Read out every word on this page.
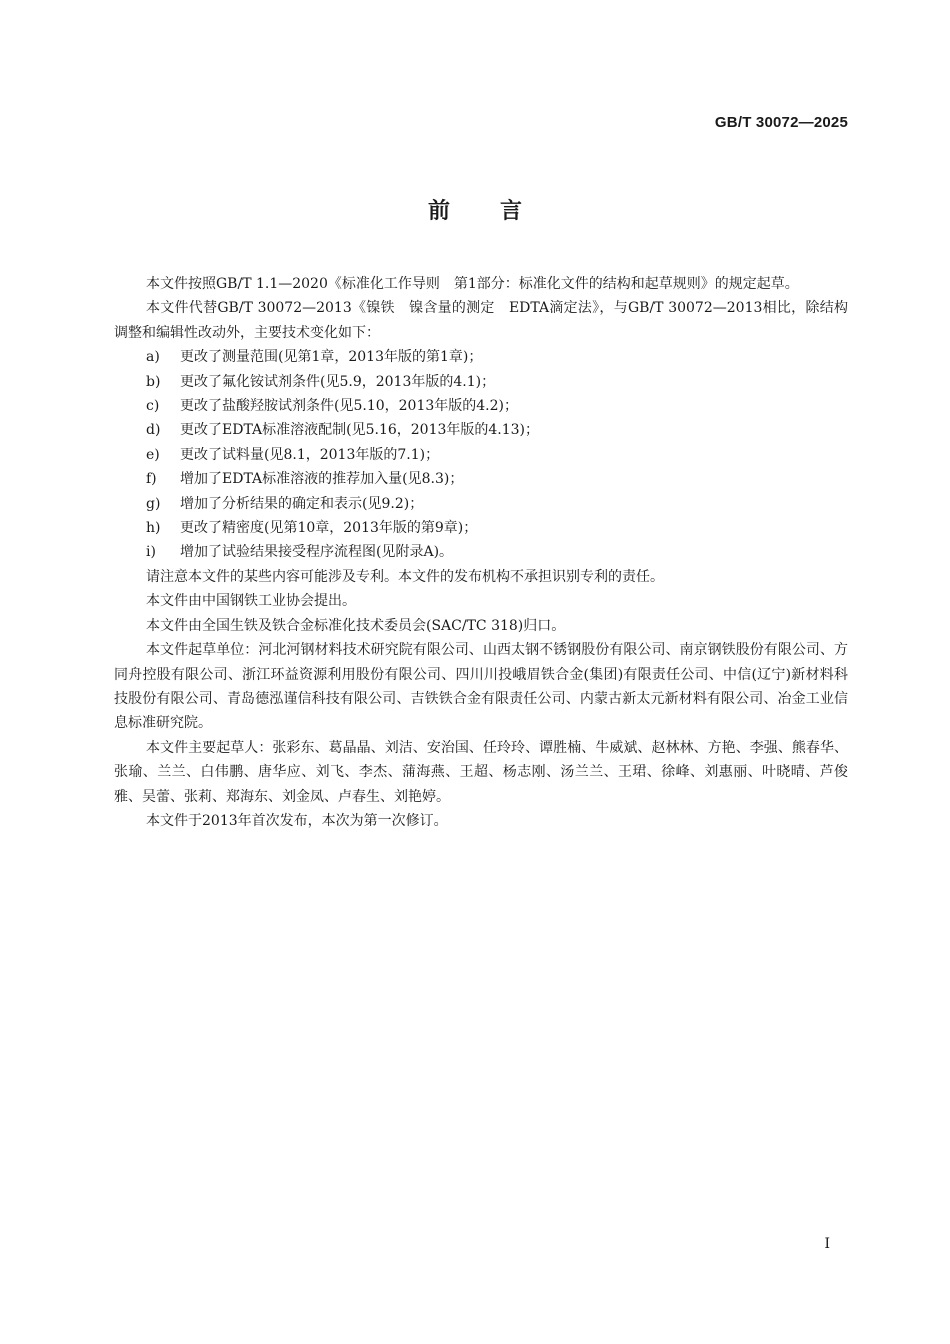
GB/T 30072—2025
前言

本文件按照GB/T 1.1—2020《标准化工作导则　第1部分：标准化文件的结构和起草规则》的规定起草。

本文件代替GB/T 30072—2013《镍铁　镍含量的测定　EDTA滴定法》，与GB/T 30072—2013相比，除结构调整和编辑性改动外，主要技术变化如下：

a)	更改了测量范围(见第1章，2013年版的第1章)；
b)	更改了氟化铵试剂条件(见5.9，2013年版的4.1)；
c)	更改了盐酸羟胺试剂条件(见5.10，2013年版的4.2)；
d)	更改了EDTA标准溶液配制(见5.16，2013年版的4.13)；
e)	更改了试料量(见8.1，2013年版的7.1)；
f)	增加了EDTA标准溶液的推荐加入量(见8.3)；
g)	增加了分析结果的确定和表示(见9.2)；
h)	更改了精密度(见第10章，2013年版的第9章)；
i)	增加了试验结果接受程序流程图(见附录A)。

请注意本文件的某些内容可能涉及专利。本文件的发布机构不承担识别专利的责任。

本文件由中国钢铁工业协会提出。

本文件由全国生铁及铁合金标准化技术委员会(SAC/TC 318)归口。

本文件起草单位：河北河钢材料技术研究院有限公司、山西太钢不锈钢股份有限公司、南京钢铁股份有限公司、方同舟控股有限公司、浙江环益资源利用股份有限公司、四川川投峨眉铁合金(集团)有限责任公司、中信(辽宁)新材料科技股份有限公司、青岛德泓谨信科技有限公司、吉铁铁合金有限责任公司、内蒙古新太元新材料有限公司、冶金工业信息标准研究院。

本文件主要起草人：张彩东、葛晶晶、刘洁、安治国、任玲玲、谭胜楠、牛威斌、赵林林、方艳、李强、熊春华、张瑜、兰兰、白伟鹏、唐华应、刘飞、李杰、蒲海燕、王超、杨志刚、汤兰兰、王珺、徐峰、刘惠丽、叶晓晴、芦俊雅、吴蕾、张莉、郑海东、刘金凤、卢春生、刘艳婷。

本文件于2013年首次发布，本次为第一次修订。

I
